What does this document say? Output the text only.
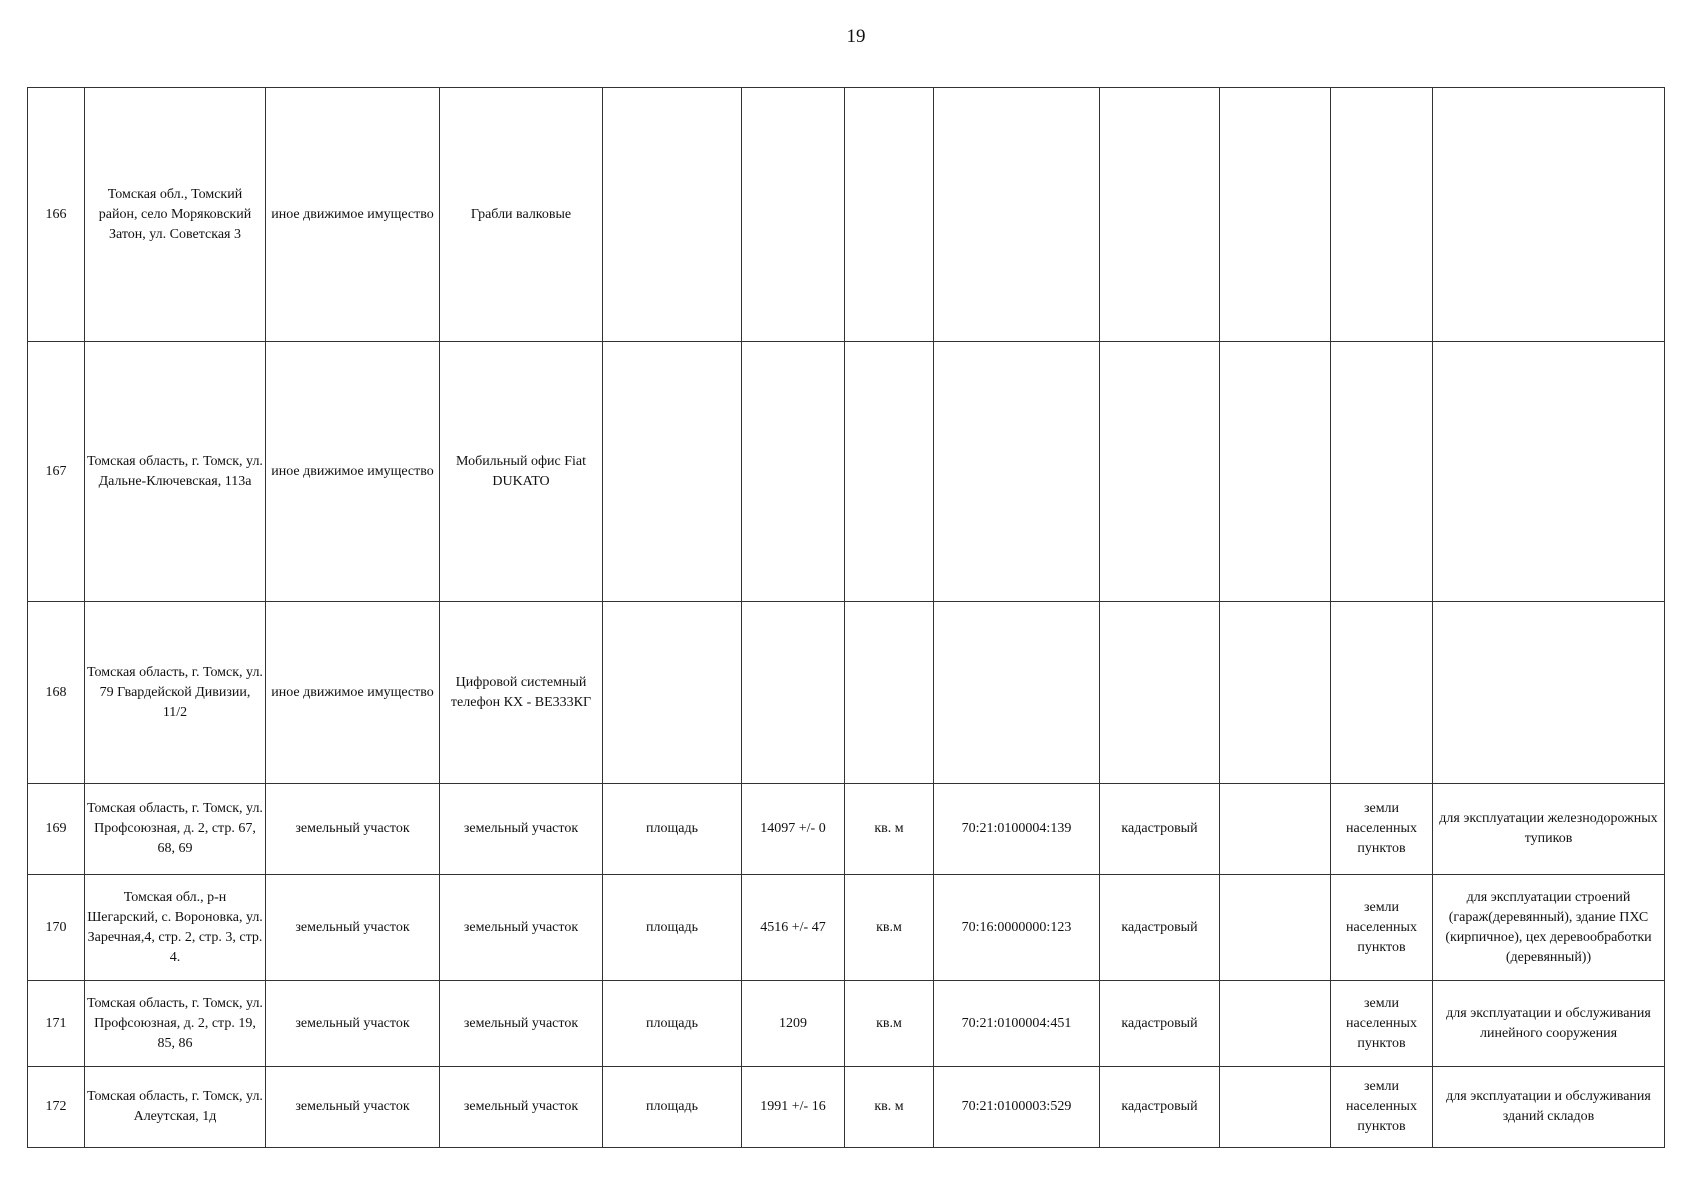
19
166	Томская обл., Томский район, село Моряковский Затон, ул. Советская 3	иное движимое имущество	Грабли валковые								
167	Томская область, г. Томск, ул. Дальне-Ключевская, 113а	иное движимое имущество	Мобильный офис Fiat DUKATO								
168	Томская область, г. Томск, ул. 79 Гвардейской Дивизии, 11/2	иное движимое имущество	Цифровой системный телефон КХ - ВЕ333КГ								
169	Томская область, г. Томск, ул. Профсоюзная, д. 2, стр. 67, 68, 69	земельный участок	земельный участок	площадь	14097 +/- 0	кв. м	70:21:0100004:139	кадастровый		земли населенных пунктов	для эксплуатации железнодорожных тупиков
170	Томская обл., р-н Шегарский, с. Вороновка, ул. Заречная,4, стр. 2, стр. 3, стр. 4.	земельный участок	земельный участок	площадь	4516 +/- 47	кв.м	70:16:0000000:123	кадастровый		земли населенных пунктов	для эксплуатации строений (гараж(деревянный), здание ПХС (кирпичное), цех деревообработки (деревянный))
171	Томская область, г. Томск, ул. Профсоюзная, д. 2, стр. 19, 85, 86	земельный участок	земельный участок	площадь	1209	кв.м	70:21:0100004:451	кадастровый		земли населенных пунктов	для эксплуатации и обслуживания линейного сооружения
172	Томская область, г. Томск, ул. Алеутская, 1д	земельный участок	земельный участок	площадь	1991 +/- 16	кв. м	70:21:0100003:529	кадастровый		земли населенных пунктов	для эксплуатации и обслуживания зданий складов
